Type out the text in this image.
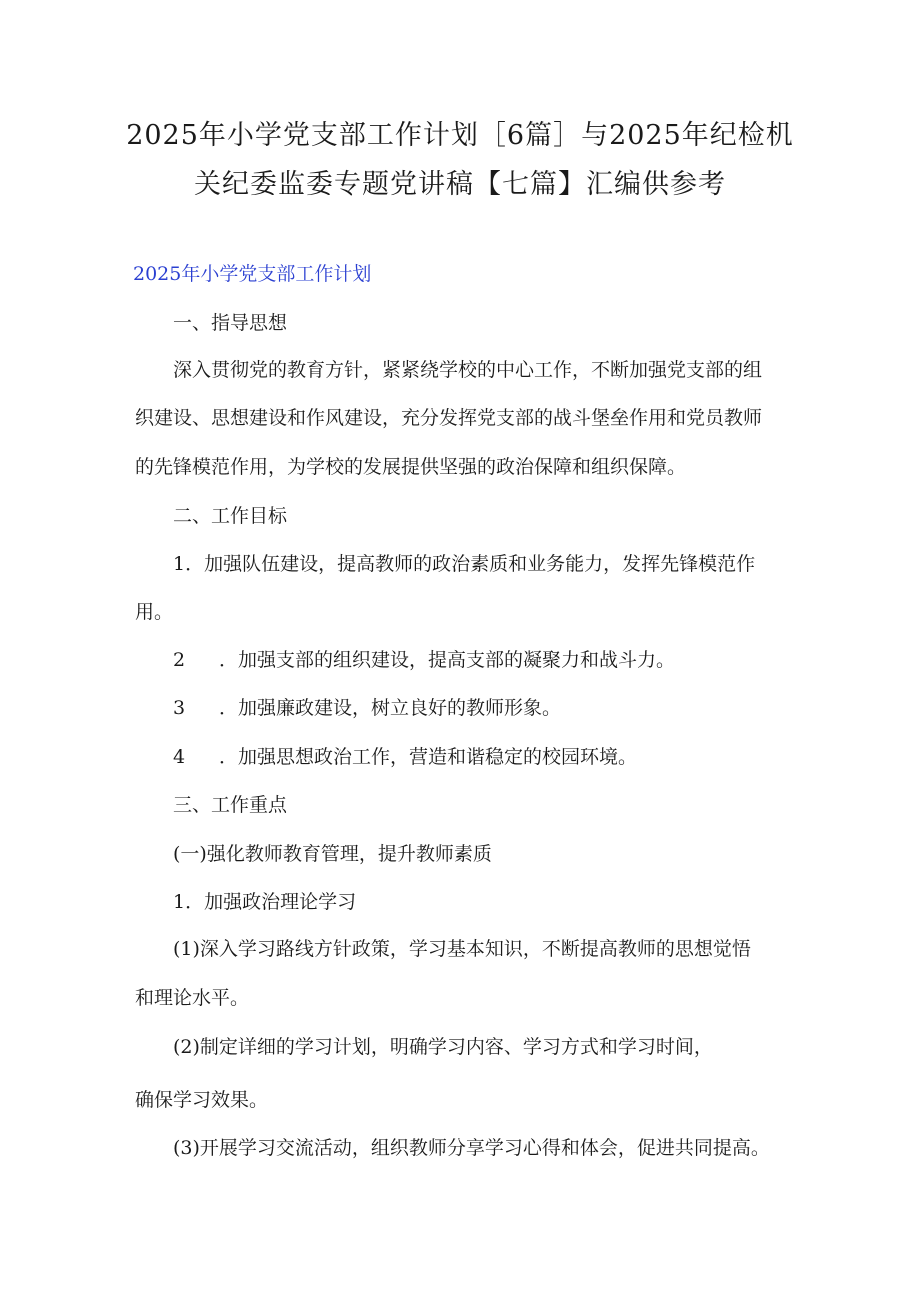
2025年小学党支部工作计划［6篇］与2025年纪检机
关纪委监委专题党讲稿【七篇】汇编供参考
2025年小学党支部工作计划
一、指导思想
深入贯彻党的教育方针，紧紧绕学校的中心工作，不断加强党支部的组
织建设、思想建设和作风建设，充分发挥党支部的战斗堡垒作用和党员教师
的先锋模范作用，为学校的发展提供坚强的政治保障和组织保障。
二、工作目标
1．加强队伍建设，提高教师的政治素质和业务能力，发挥先锋模范作
用。
2 ．加强支部的组织建设，提高支部的凝聚力和战斗力。
3 ．加强廉政建设，树立良好的教师形象。
4 ．加强思想政治工作，营造和谐稳定的校园环境。
三、工作重点
(一)强化教师教育管理，提升教师素质
1．加强政治理论学习
(1)深入学习路线方针政策，学习基本知识，不断提高教师的思想觉悟
和理论水平。
(2)制定详细的学习计划，明确学习内容、学习方式和学习时间，
确保学习效果。
(3)开展学习交流活动，组织教师分享学习心得和体会，促进共同提高。
